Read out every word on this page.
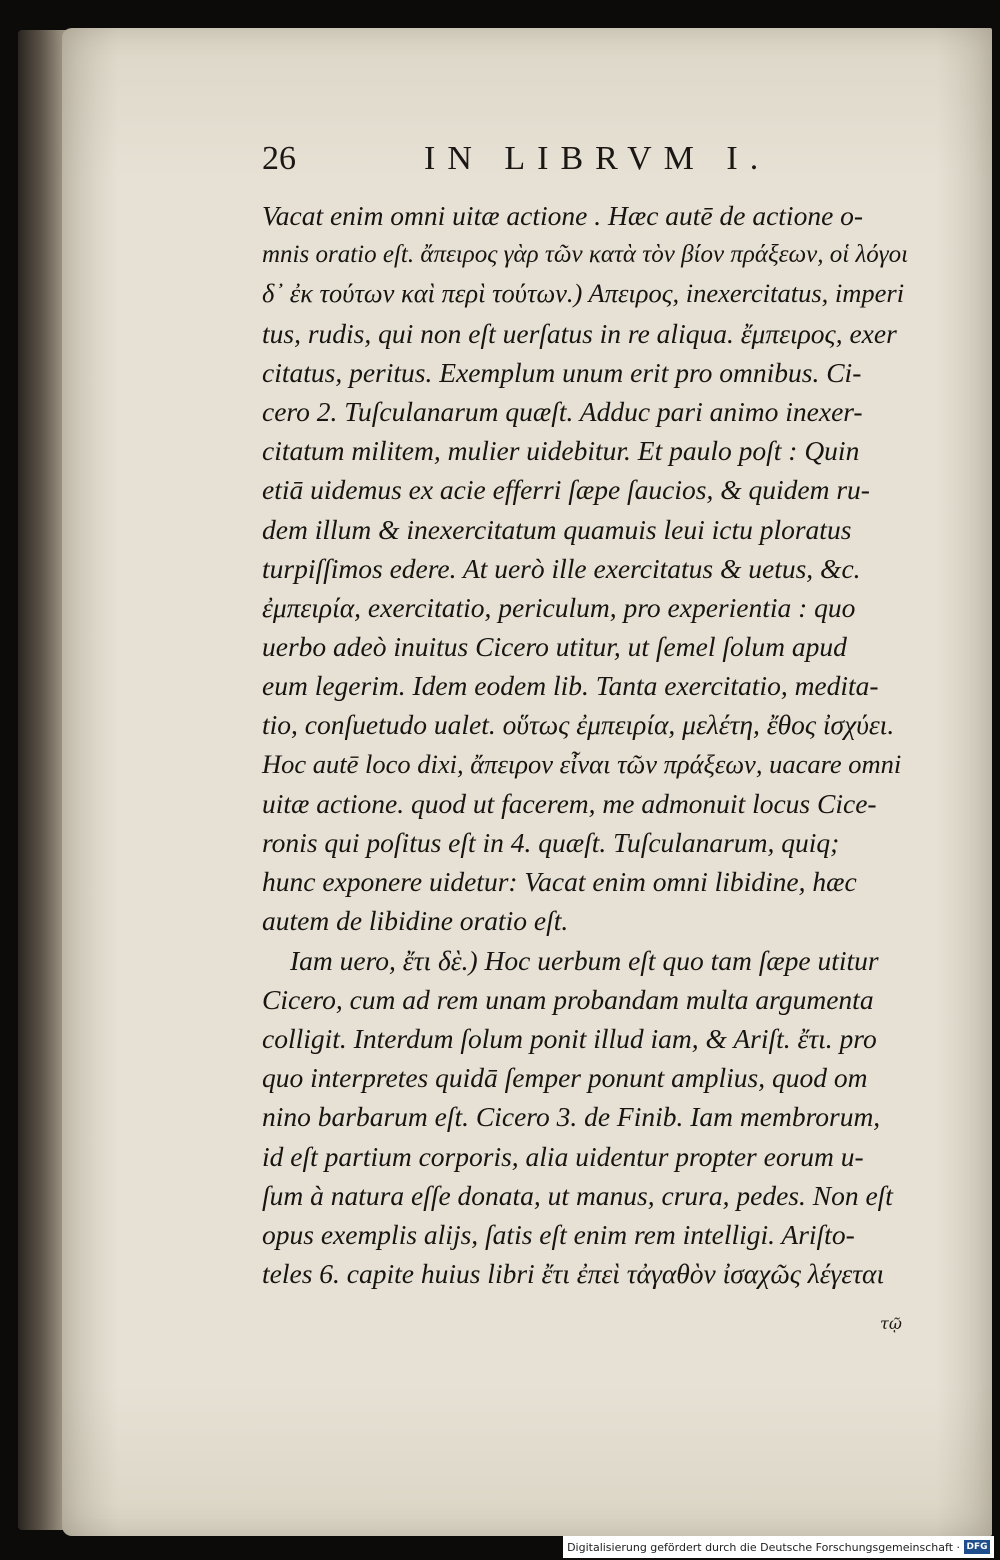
26	IN LIBRVM I.
Vacat enim omni uitæ actione . Hæc autē de actione o-
mnis oratio eſt. ἄπειρος γὰρ τῶν κατὰ τὸν βίον πράξεων, οἱ λόγοι
δ᾽ ἐκ τούτων καὶ περὶ τούτων.) Απειρος, inexercitatus, imperi
tus, rudis, qui non eſt uerſatus in re aliqua. ἔμπειρος, exer
citatus, peritus. Exemplum unum erit pro omnibus. Ci-
cero 2. Tuſculanarum quæſt. Adduc pari animo inexer-
citatum militem, mulier uidebitur. Et paulo poſt : Quin
etiā uidemus ex acie efferri ſæpe ſaucios, & quidem ru-
dem illum & inexercitatum quamuis leui ictu ploratus
turpiſſimos edere. At uerò ille exercitatus & uetus, &c.
ἐμπειρία, exercitatio, periculum, pro experientia : quo
uerbo adeò inuitus Cicero utitur, ut ſemel ſolum apud
eum legerim. Idem eodem lib. Tanta exercitatio, medita-
tio, conſuetudo ualet. οὕτως ἐμπειρία, μελέτη, ἔθος ἰσχύει.
Hoc autē loco dixi, ἄπειρον εἶναι τῶν πράξεων, uacare omni
uitæ actione. quod ut facerem, me admonuit locus Cice-
ronis qui poſitus eſt in 4. quæſt. Tuſculanarum, quiq;
hunc exponere uidetur: Vacat enim omni libidine, hæc
autem de libidine oratio eſt.
Iam uero, ἔτι δὲ.) Hoc uerbum eſt quo tam ſæpe utitur
Cicero, cum ad rem unam probandam multa argumenta
colligit. Interdum ſolum ponit illud iam, & Ariſt. ἔτι. pro
quo interpretes quidā ſemper ponunt amplius, quod om
nino barbarum eſt. Cicero 3. de Finib. Iam membrorum,
id eſt partium corporis, alia uidentur propter eorum u-
ſum à natura eſſe donata, ut manus, crura, pedes. Non eſt
opus exemplis alijs, ſatis eſt enim rem intelligi. Ariſto-
teles 6. capite huius libri ἔτι ἐπεὶ τἀγαθὸν ἰσαχῶς λέγεται
τῷ
Digitalisierung gefördert durch die Deutsche Forschungsgemeinschaft · DFG
